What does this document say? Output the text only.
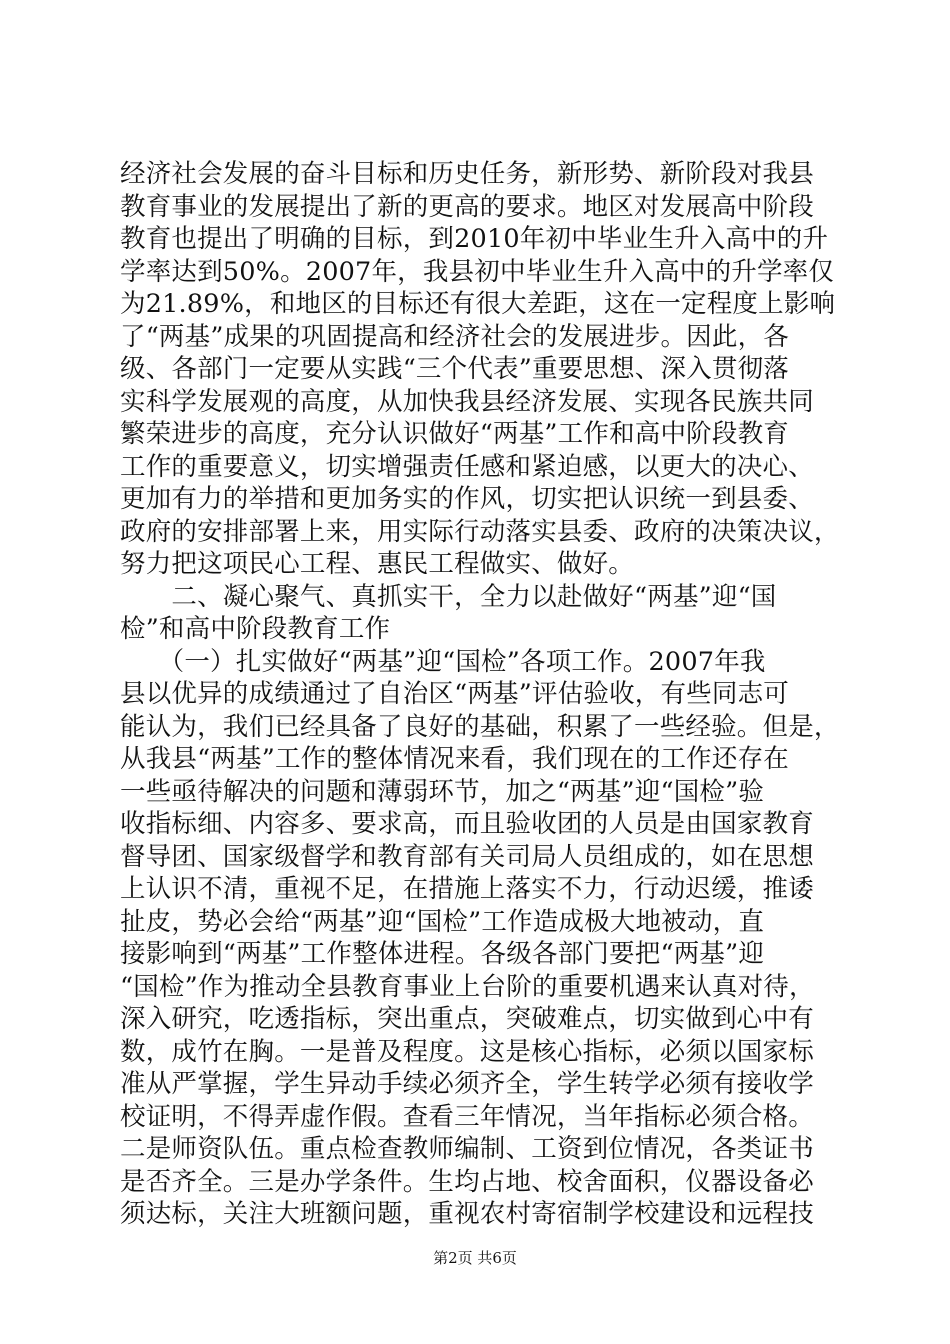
经济社会发展的奋斗目标和历史任务，新形势、新阶段对我县
教育事业的发展提出了新的更高的要求。地区对发展高中阶段
教育也提出了明确的目标，到2010年初中毕业生升入高中的升
学率达到50%。2007年，我县初中毕业生升入高中的升学率仅
为21.89%，和地区的目标还有很大差距，这在一定程度上影响
了“两基”成果的巩固提高和经济社会的发展进步。因此，各
级、各部门一定要从实践“三个代表”重要思想、深入贯彻落
实科学发展观的高度，从加快我县经济发展、实现各民族共同
繁荣进步的高度，充分认识做好“两基”工作和高中阶段教育
工作的重要意义，切实增强责任感和紧迫感，以更大的决心、
更加有力的举措和更加务实的作风，切实把认识统一到县委、
政府的安排部署上来，用实际行动落实县委、政府的决策决议，
努力把这项民心工程、惠民工程做实、做好。
　　二、凝心聚气、真抓实干，全力以赴做好“两基”迎“国
检”和高中阶段教育工作
　　（一）扎实做好“两基”迎“国检”各项工作。2007年我
县以优异的成绩通过了自治区“两基”评估验收，有些同志可
能认为，我们已经具备了良好的基础，积累了一些经验。但是，
从我县“两基”工作的整体情况来看，我们现在的工作还存在
一些亟待解决的问题和薄弱环节，加之“两基”迎“国检”验
收指标细、内容多、要求高，而且验收团的人员是由国家教育
督导团、国家级督学和教育部有关司局人员组成的，如在思想
上认识不清，重视不足，在措施上落实不力，行动迟缓，推诿
扯皮，势必会给“两基”迎“国检”工作造成极大地被动，直
接影响到“两基”工作整体进程。各级各部门要把“两基”迎
“国检”作为推动全县教育事业上台阶的重要机遇来认真对待，
深入研究，吃透指标，突出重点，突破难点，切实做到心中有
数，成竹在胸。一是普及程度。这是核心指标，必须以国家标
准从严掌握，学生异动手续必须齐全，学生转学必须有接收学
校证明，不得弄虚作假。查看三年情况，当年指标必须合格。
二是师资队伍。重点检查教师编制、工资到位情况，各类证书
是否齐全。三是办学条件。生均占地、校舍面积，仪器设备必
须达标，关注大班额问题，重视农村寄宿制学校建设和远程技
第2页 共6页
